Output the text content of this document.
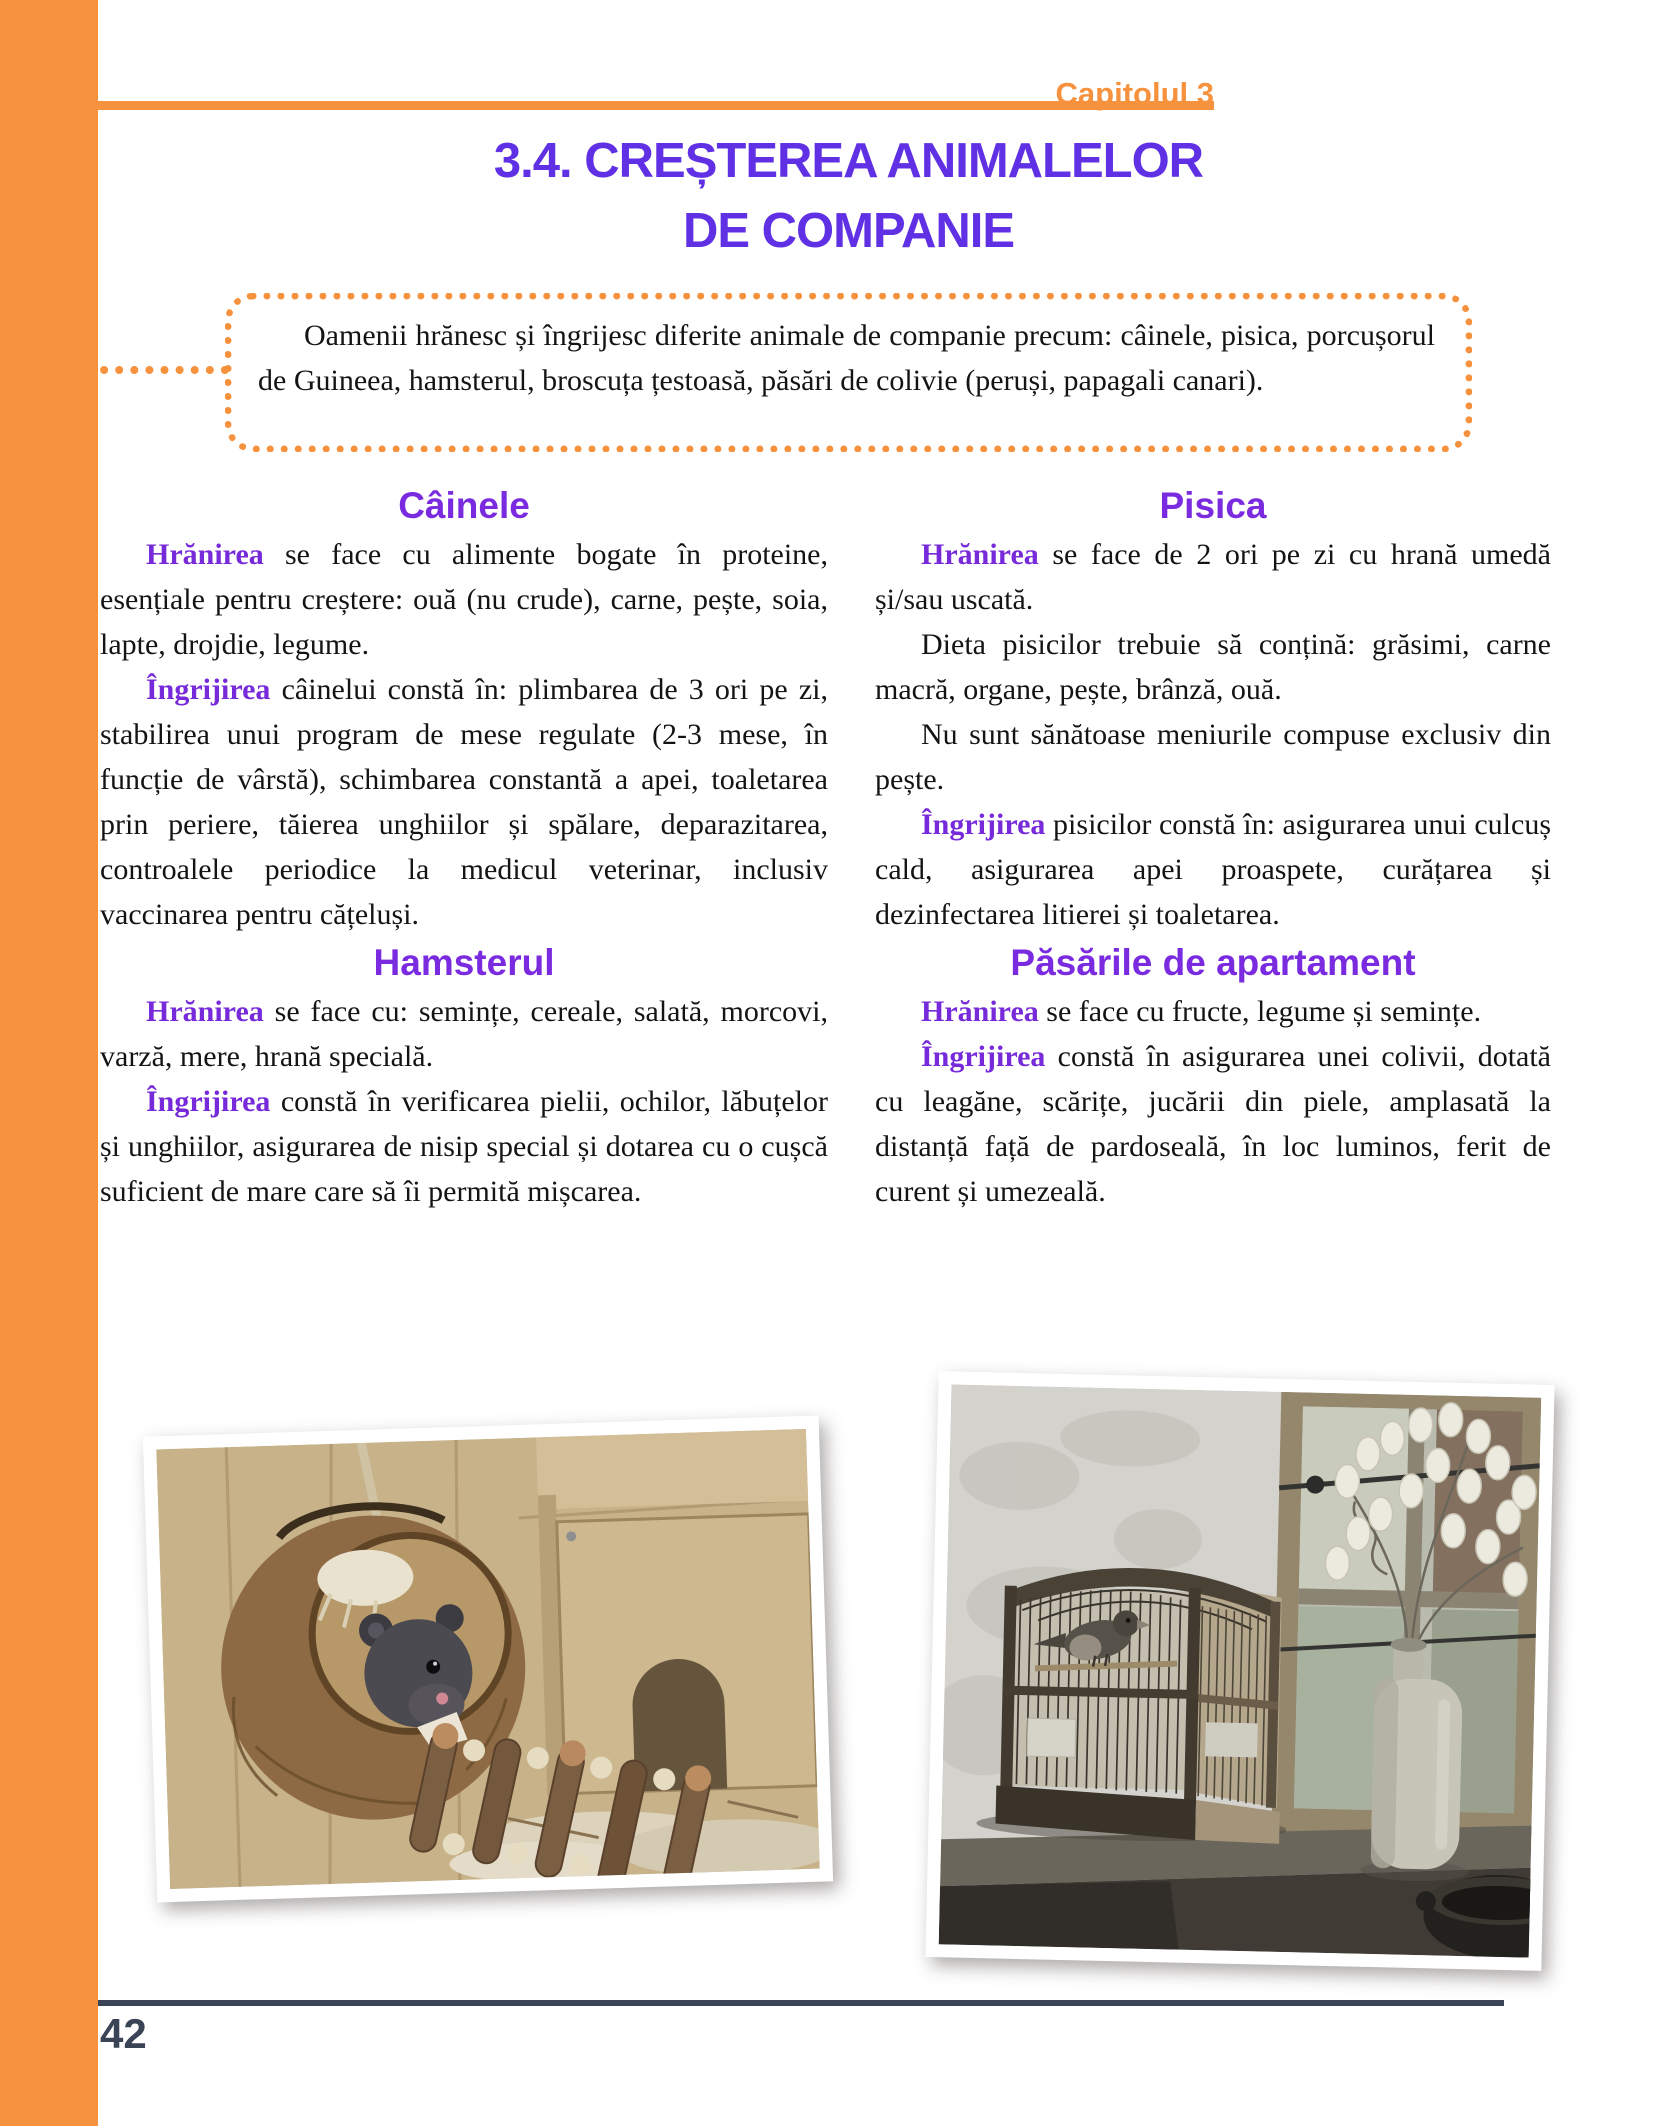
Capitolul 3
3.4. CREȘTEREA ANIMALELOR
DE COMPANIE
Oamenii hrănesc și îngrijesc diferite animale de companie precum: câinele, pisica, porcușorul de Guineea, hamsterul, broscuța țestoasă, păsări de colivie (peruși, papagali canari).
Câinele

Hrănirea se face cu alimente bogate în proteine, esențiale pentru creștere: ouă (nu crude), carne, pește, soia, lapte, drojdie, legume.

Îngrijirea câinelui constă în: plimbarea de 3 ori pe zi, stabilirea unui program de mese regulate (2-3 mese, în funcție de vârstă), schimbarea constantă a apei, toaletarea prin periere, tăierea unghiilor și spălare, deparazitarea, controalele periodice la medicul veterinar, inclusiv vaccinarea pentru cățeluși.

Hamsterul

Hrănirea se face cu: semințe, cereale, salată, morcovi, varză, mere, hrană specială.

Îngrijirea constă în verificarea pielii, ochilor, lăbuțelor și unghiilor, asigurarea de nisip special și dotarea cu o cușcă suficient de mare care să îi permită mișcarea.

Pisica

Hrănirea se face de 2 ori pe zi cu hrană umedă și/sau uscată.

Dieta pisicilor trebuie să conțină: grăsimi, carne macră, organe, pește, brânză, ouă.

Nu sunt sănătoase meniurile compuse exclusiv din pește.

Îngrijirea pisicilor constă în: asigurarea unui culcuș cald, asigurarea apei proaspete, curățarea și dezinfectarea litierei și toaletarea.

Păsările de apartament

Hrănirea se face cu fructe, legume și semințe.

Îngrijirea constă în asigurarea unei colivii, dotată cu leagăne, scărițe, jucării din piele, amplasată la distanță față de pardoseală, în loc luminos, ferit de curent și umezeală.

42
